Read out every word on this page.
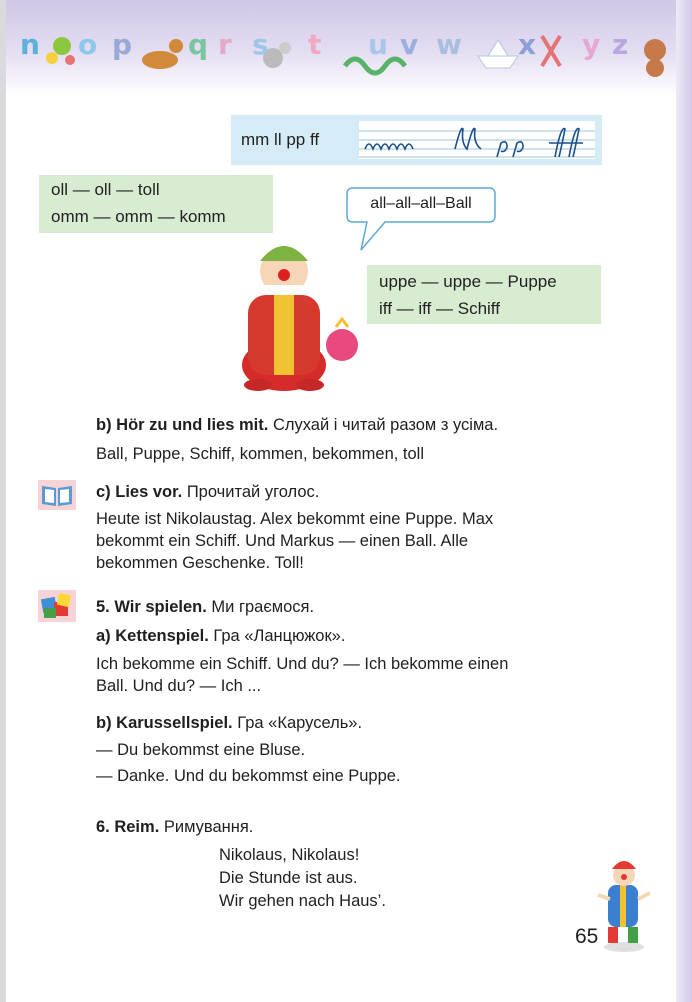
n o p q r s t u v w x y z
mm ll pp ff
oll — oll — toll
omm — omm — komm
all–all–all–Ball
uppe — uppe — Puppe
iff — iff — Schiff
b) Hör zu und lies mit. Слухай і читай разом з усіма.
Ball, Puppe, Schiff, kommen, bekommen, toll
c) Lies vor. Прочитай уголос.
Heute ist Nikolaustag. Alex bekommt eine Puppe. Max
bekommt ein Schiff. Und Markus — einen Ball. Alle
bekommen Geschenke. Toll!
5. Wir spielen. Ми граємося.
a) Kettenspiel. Гра «Ланцюжок».
Ich bekomme ein Schiff. Und du? — Ich bekomme einen
Ball. Und du? — Ich ...
b) Karussellspiel. Гра «Карусель».
— Du bekommst eine Bluse.
— Danke. Und du bekommst eine Puppe.
6. Reim. Римування.
Nikolaus, Nikolaus!
Die Stunde ist aus.
Wir gehen nach Haus’.
65
